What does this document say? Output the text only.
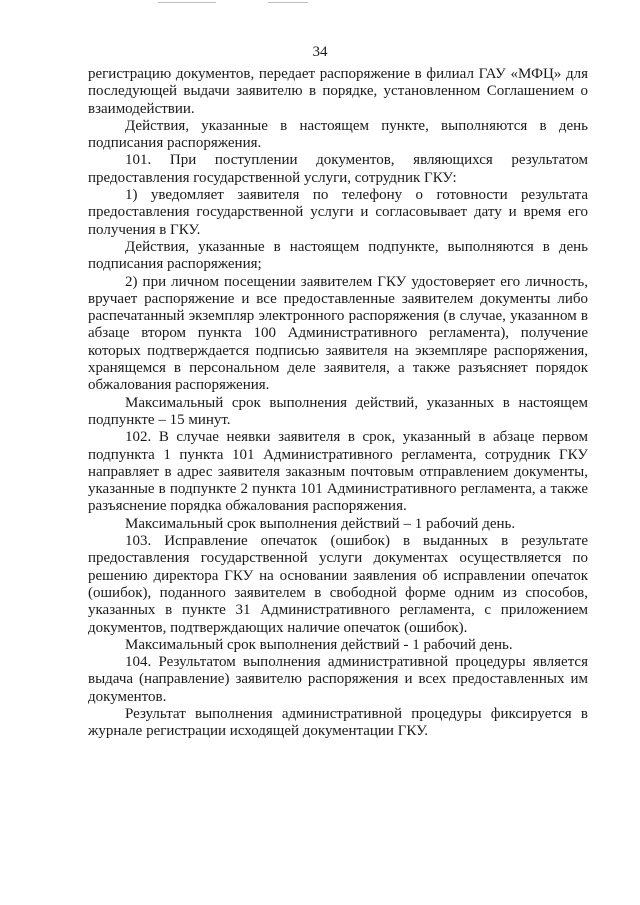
34

регистрацию документов, передает распоряжение в филиал ГАУ «МФЦ» для последующей выдачи заявителю в порядке, установленном Соглашением о взаимодействии.

Действия, указанные в настоящем пункте, выполняются в день подписания распоряжения.

101. При поступлении документов, являющихся результатом предоставления государственной услуги, сотрудник ГКУ:

1) уведомляет заявителя по телефону о готовности результата предоставления государственной услуги и согласовывает дату и время его получения в ГКУ.

Действия, указанные в настоящем подпункте, выполняются в день подписания распоряжения;

2) при личном посещении заявителем ГКУ удостоверяет его личность, вручает распоряжение и все предоставленные заявителем документы либо распечатанный экземпляр электронного распоряжения (в случае, указанном в абзаце втором пункта 100 Административного регламента), получение которых подтверждается подписью заявителя на экземпляре распоряжения, хранящемся в персональном деле заявителя, а также разъясняет порядок обжалования распоряжения.

Максимальный срок выполнения действий, указанных в настоящем подпункте – 15 минут.

102. В случае неявки заявителя в срок, указанный в абзаце первом подпункта 1 пункта 101 Административного регламента, сотрудник ГКУ направляет в адрес заявителя заказным почтовым отправлением документы, указанные в подпункте 2 пункта 101 Административного регламента, а также разъяснение порядка обжалования распоряжения.

Максимальный срок выполнения действий – 1 рабочий день.

103. Исправление опечаток (ошибок) в выданных в результате предоставления государственной услуги документах осуществляется по решению директора ГКУ на основании заявления об исправлении опечаток (ошибок), поданного заявителем в свободной форме одним из способов, указанных в пункте 31 Административного регламента, с приложением документов, подтверждающих наличие опечаток (ошибок).

Максимальный срок выполнения действий - 1 рабочий день.

104. Результатом выполнения административной процедуры является выдача (направление) заявителю распоряжения и всех предоставленных им документов.

Результат выполнения административной процедуры фиксируется в журнале регистрации исходящей документации ГКУ.
